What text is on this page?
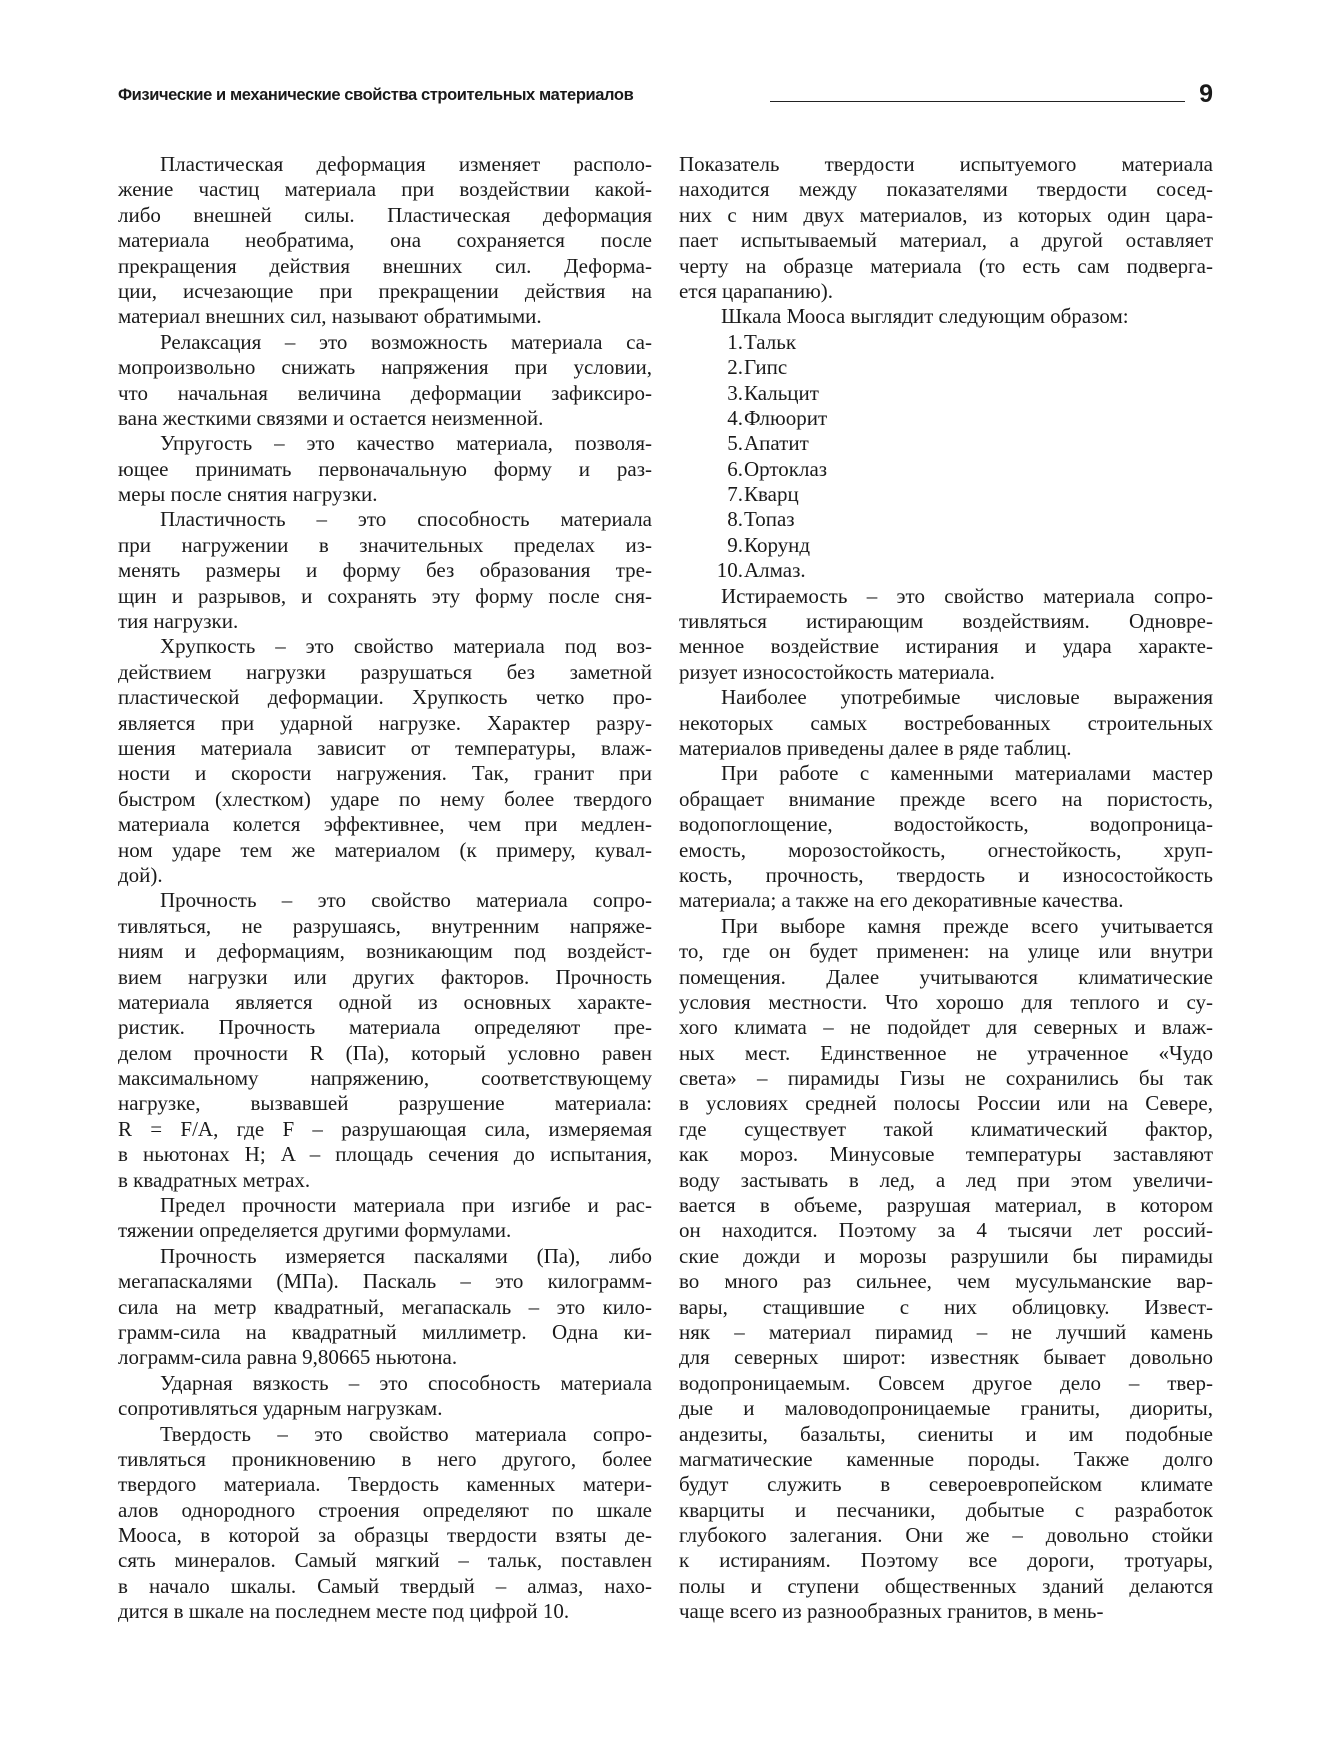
Физические и механические свойства строительных материалов	9
Пластическая деформация изменяет располо-
жение частиц материала при воздействии какой-
либо внешней силы. Пластическая деформация
материала необратима, она сохраняется после
прекращения действия внешних сил. Деформа-
ции, исчезающие при прекращении действия на
материал внешних сил, называют обратимыми.
Релаксация – это возможность материала са-
мопроизвольно снижать напряжения при условии,
что начальная величина деформации зафиксиро-
вана жесткими связями и остается неизменной.
Упругость – это качество материала, позволя-
ющее принимать первоначальную форму и раз-
меры после снятия нагрузки.
Пластичность – это способность материала
при нагружении в значительных пределах из-
менять размеры и форму без образования тре-
щин и разрывов, и сохранять эту форму после сня-
тия нагрузки.
Хрупкость – это свойство материала под воз-
действием нагрузки разрушаться без заметной
пластической деформации. Хрупкость четко про-
является при ударной нагрузке. Характер разру-
шения материала зависит от температуры, влаж-
ности и скорости нагружения. Так, гранит при
быстром (хлестком) ударе по нему более твердого
материала колется эффективнее, чем при медлен-
ном ударе тем же материалом (к примеру, кувал-
дой).
Прочность – это свойство материала сопро-
тивляться, не разрушаясь, внутренним напряже-
ниям и деформациям, возникающим под воздейст-
вием нагрузки или других факторов. Прочность
материала является одной из основных характе-
ристик. Прочность материала определяют пре-
делом прочности R (Па), который условно равен
максимальному напряжению, соответствующему
нагрузке, вызвавшей разрушение материала:
R = F/A, где F – разрушающая сила, измеряемая
в ньютонах Н; A – площадь сечения до испытания,
в квадратных метрах.
Предел прочности материала при изгибе и рас-
тяжении определяется другими формулами.
Прочность измеряется паскалями (Па), либо
мегапаскалями (МПа). Паскаль – это килограмм-
сила на метр квадратный, мегапаскаль – это кило-
грамм-сила на квадратный миллиметр. Одна ки-
лограмм-сила равна 9,80665 ньютона.
Ударная вязкость – это способность материала
сопротивляться ударным нагрузкам.
Твердость – это свойство материала сопро-
тивляться проникновению в него другого, более
твердого материала. Твердость каменных матери-
алов однородного строения определяют по шкале
Мооса, в которой за образцы твердости взяты де-
сять минералов. Самый мягкий – тальк, поставлен
в начало шкалы. Самый твердый – алмаз, нахо-
дится в шкале на последнем месте под цифрой 10.
Показатель твердости испытуемого материала
находится между показателями твердости сосед-
них с ним двух материалов, из которых один цара-
пает испытываемый материал, а другой оставляет
черту на образце материала (то есть сам подверга-
ется царапанию).
Шкала Мооса выглядит следующим образом:
1. Тальк
2. Гипс
3. Кальцит
4. Флюорит
5. Апатит
6. Ортоклаз
7. Кварц
8. Топаз
9. Корунд
10. Алмаз.
Истираемость – это свойство материала сопро-
тивляться истирающим воздействиям. Одновре-
менное воздействие истирания и удара характе-
ризует износостойкость материала.
Наиболее употребимые числовые выражения
некоторых самых востребованных строительных
материалов приведены далее в ряде таблиц.
При работе с каменными материалами мастер
обращает внимание прежде всего на пористость,
водопоглощение, водостойкость, водопроница-
емость, морозостойкость, огнестойкость, хруп-
кость, прочность, твердость и износостойкость
материала; а также на его декоративные качества.
При выборе камня прежде всего учитывается
то, где он будет применен: на улице или внутри
помещения. Далее учитываются климатические
условия местности. Что хорошо для теплого и су-
хого климата – не подойдет для северных и влаж-
ных мест. Единственное не утраченное «Чудо
света» – пирамиды Гизы не сохранились бы так
в условиях средней полосы России или на Севере,
где существует такой климатический фактор,
как мороз. Минусовые температуры заставляют
воду застывать в лед, а лед при этом увеличи-
вается в объеме, разрушая материал, в котором
он находится. Поэтому за 4 тысячи лет россий-
ские дожди и морозы разрушили бы пирамиды
во много раз сильнее, чем мусульманские вар-
вары, стащившие с них облицовку. Извест-
няк – материал пирамид – не лучший камень
для северных широт: известняк бывает довольно
водопроницаемым. Совсем другое дело – твер-
дые и маловодопроницаемые граниты, диориты,
андезиты, базальты, сиениты и им подобные
магматические каменные породы. Также долго
будут служить в североевропейском климате
кварциты и песчаники, добытые с разработок
глубокого залегания. Они же – довольно стойки
к истираниям. Поэтому все дороги, тротуары,
полы и ступени общественных зданий делаются
чаще всего из разнообразных гранитов, в мень-
